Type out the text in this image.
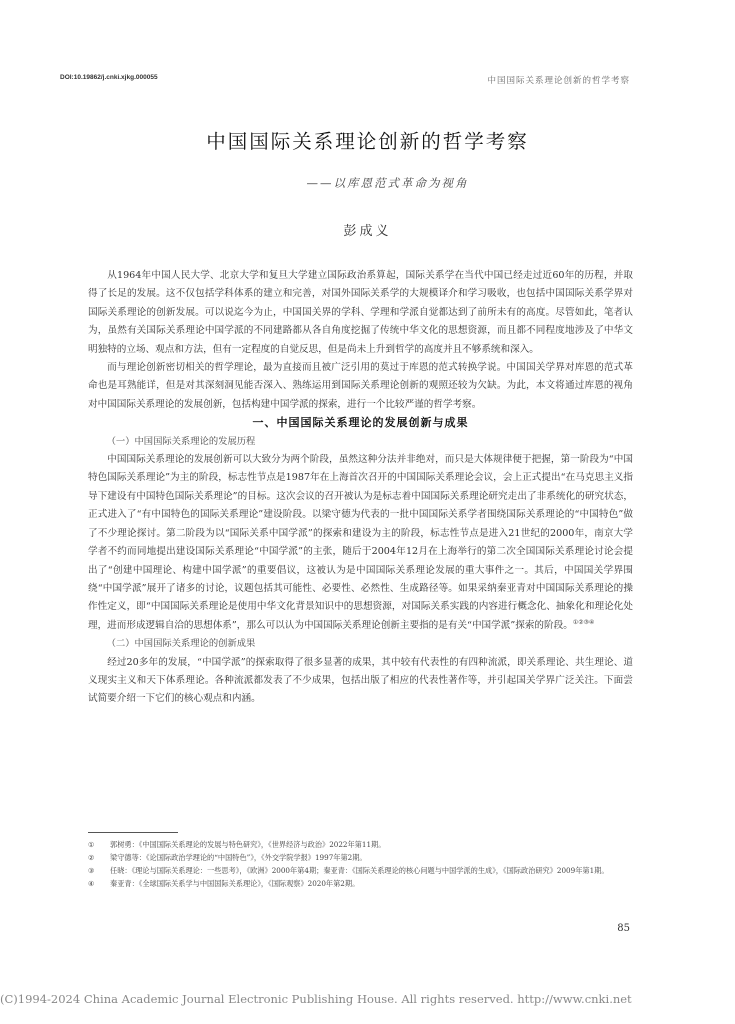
DOI:10.19862/j.cnki.xjkg.000055	中国国际关系理论创新的哲学考察
中国国际关系理论创新的哲学考察
——以库恩范式革命为视角
彭成义

从1964年中国人民大学、北京大学和复旦大学建立国际政治系算起，国际关系学在当代中国已经走过近60年的历程，并取得了长足的发展。这不仅包括学科体系的建立和完善，对国外国际关系学的大规模译介和学习吸收，也包括中国国际关系学界对国际关系理论的创新发展。可以说迄今为止，中国国关界的学科、学理和学派自觉都达到了前所未有的高度。尽管如此，笔者认为，虽然有关国际关系理论中国学派的不同建路都从各自角度挖掘了传统中华文化的思想资源，而且都不同程度地涉及了中华文明独特的立场、观点和方法，但有一定程度的自觉反思，但是尚未上升到哲学的高度并且不够系统和深入。

而与理论创新密切相关的哲学理论，最为直接而且被广泛引用的莫过于库恩的范式转换学说。中国国关学界对库恩的范式革命也是耳熟能详，但是对其深刻洞见能否深入、熟练运用到国际关系理论创新的观照还较为欠缺。为此，本文将通过库恩的视角对中国国际关系理论的发展创新，包括构建中国学派的探索，进行一个比较严谨的哲学考察。

一、中国国际关系理论的发展创新与成果

（一）中国国际关系理论的发展历程

中国国际关系理论的发展创新可以大致分为两个阶段，虽然这种分法并非绝对，而只是大体规律便于把握，第一阶段为“中国特色国际关系理论”为主的阶段，标志性节点是1987年在上海首次召开的中国国际关系理论会议，会上正式提出“在马克思主义指导下建设有中国特色国际关系理论”的目标。这次会议的召开被认为是标志着中国国际关系理论研究走出了非系统化的研究状态，正式进入了“有中国特色的国际关系理论”建设阶段。以梁守德为代表的一批中国国际关系学者围绕国际关系理论的“中国特色”做了不少理论探讨。第二阶段为以“国际关系中国学派”的探索和建设为主的阶段，标志性节点是进入21世纪的2000年，南京大学学者不约而同地提出建设国际关系理论“中国学派”的主张，随后于2004年12月在上海举行的第二次全国国际关系理论讨论会提出了“创建中国理论、构建中国学派”的重要倡议，这被认为是中国国际关系理论发展的重大事件之一。其后，中国国关学界围绕“中国学派”展开了诸多的讨论，议题包括其可能性、必要性、必然性、生成路径等。如果采纳秦亚青对中国国际关系理论的操作性定义，即“中国国际关系理论是使用中华文化背景知识中的思想资源，对国际关系实践的内容进行概念化、抽象化和理论化处理，进而形成逻辑自洽的思想体系”，那么可以认为中国国际关系理论创新主要指的是有关“中国学派”探索的阶段。①②③④

（二）中国国际关系理论的创新成果

经过20多年的发展，“中国学派”的探索取得了很多显著的成果，其中较有代表性的有四种流派，即关系理论、共生理论、道义现实主义和天下体系理论。各种流派都发表了不少成果，包括出版了相应的代表性著作等，并引起国关学界广泛关注。下面尝试简要介绍一下它们的核心观点和内涵。

①	郭树勇：《中国国际关系理论的发展与特色研究》，《世界经济与政治》2022年第11期。
②	梁守德等：《论国际政治学理论的“中国特色”》，《外交学院学报》1997年第2期。
③	任晓：《理论与国际关系理论：一些思考》，《欧洲》2000年第4期；秦亚青：《国际关系理论的核心问题与中国学派的生成》，《国际政治研究》2009年第1期。
④	秦亚青：《全球国际关系学与中国国际关系理论》，《国际观察》2020年第2期。
85
(C)1994-2024 China Academic Journal Electronic Publishing House. All rights reserved. http://www.cnki.net
